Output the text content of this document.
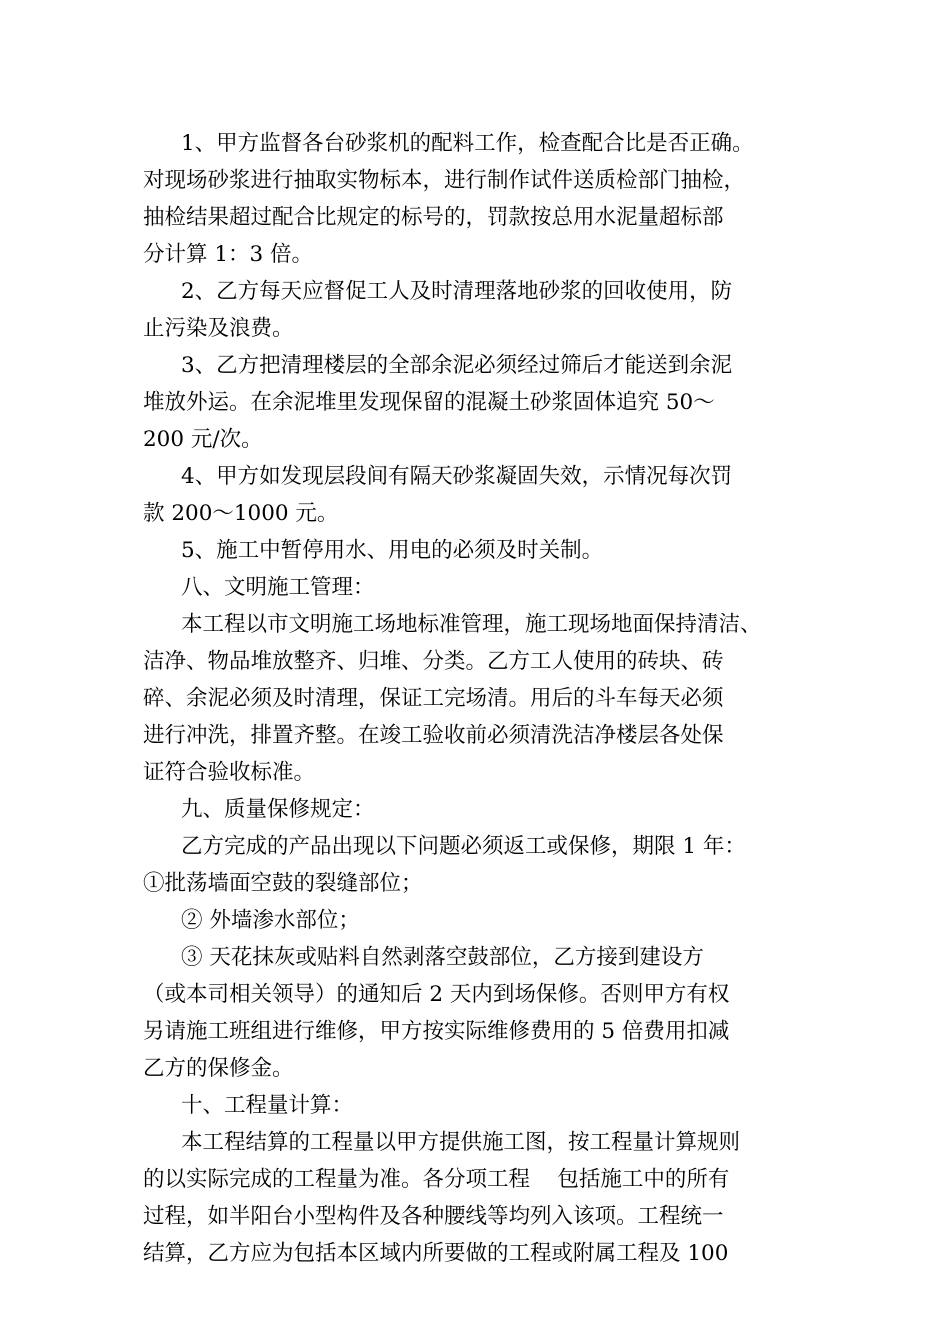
1、甲方监督各台砂浆机的配料工作，检查配合比是否正确。
对现场砂浆进行抽取实物标本，进行制作试件送质检部门抽检，
抽检结果超过配合比规定的标号的，罚款按总用水泥量超标部
分计算 1：3 倍。
2、乙方每天应督促工人及时清理落地砂浆的回收使用，防
止污染及浪费。
3、乙方把清理楼层的全部余泥必须经过筛后才能送到余泥
堆放外运。在余泥堆里发现保留的混凝土砂浆固体追究 50～
200 元/次。
4、甲方如发现层段间有隔天砂浆凝固失效，示情况每次罚
款 200～1000 元。
5、施工中暂停用水、用电的必须及时关制。
八、文明施工管理：
本工程以市文明施工场地标准管理，施工现场地面保持清洁、
洁净、物品堆放整齐、归堆、分类。乙方工人使用的砖块、砖
碎、余泥必须及时清理，保证工完场清。用后的斗车每天必须
进行冲洗，排置齐整。在竣工验收前必须清洗洁净楼层各处保
证符合验收标准。
九、质量保修规定：
乙方完成的产品出现以下问题必须返工或保修，期限 1 年：
①批荡墙面空鼓的裂缝部位；
② 外墙渗水部位；
③ 天花抹灰或贴料自然剥落空鼓部位，乙方接到建设方
（或本司相关领导）的通知后 2 天内到场保修。否则甲方有权
另请施工班组进行维修，甲方按实际维修费用的 5 倍费用扣减
乙方的保修金。
十、工程量计算：
本工程结算的工程量以甲方提供施工图，按工程量计算规则
的以实际完成的工程量为准。各分项工程    包括施工中的所有
过程，如半阳台小型构件及各种腰线等均列入该项。工程统一
结算，乙方应为包括本区域内所要做的工程或附属工程及 100
